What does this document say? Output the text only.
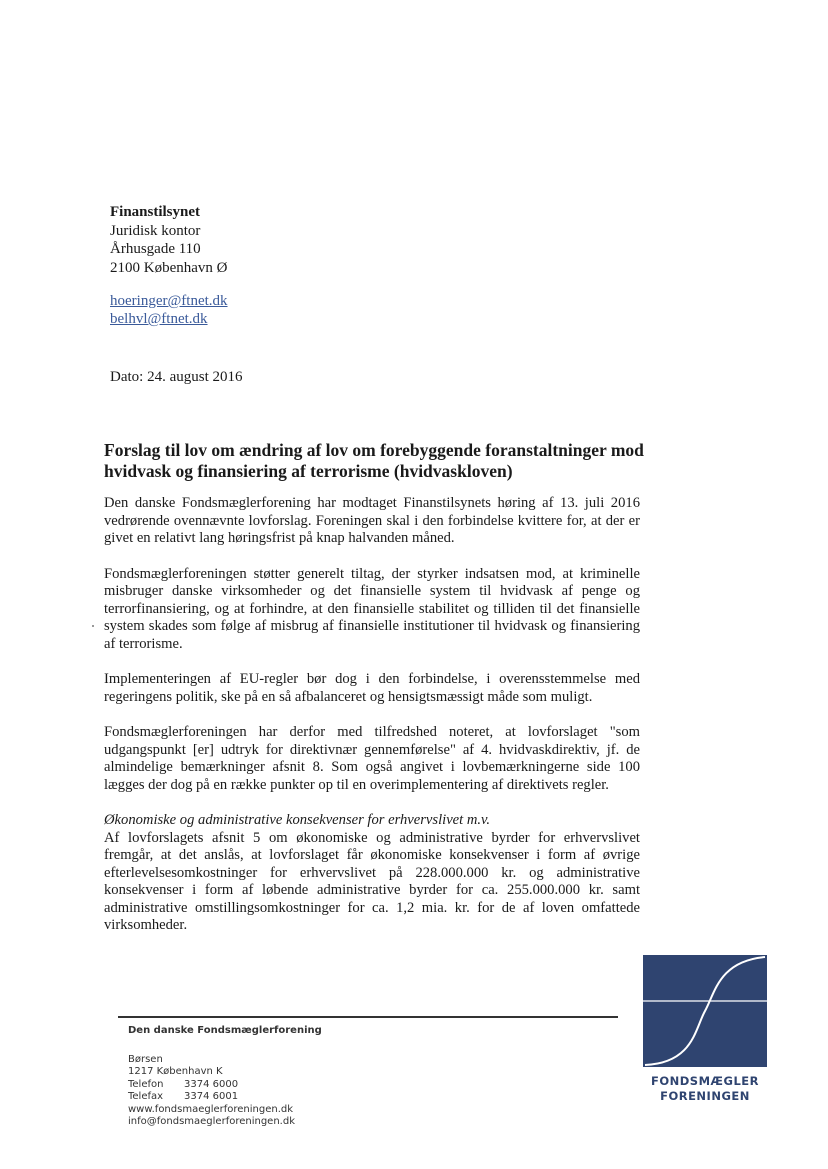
Finanstilsynet
Juridisk kontor
Århusgade 110
2100 København Ø
hoeringer@ftnet.dk
belhvl@ftnet.dk
Dato: 24. august 2016
Forslag til lov om ændring af lov om forebyggende foranstaltninger mod hvidvask og finansiering af terrorisme (hvidvaskloven)

Den danske Fondsmæglerforening har modtaget Finanstilsynets høring af 13. juli 2016 vedrørende ovennævnte lovforslag. Foreningen skal i den forbindelse kvittere for, at der er givet en relativt lang høringsfrist på knap halvanden måned.

Fondsmæglerforeningen støtter generelt tiltag, der styrker indsatsen mod, at kriminelle misbruger danske virksomheder og det finansielle system til hvidvask af penge og terrorfinansiering, og at forhindre, at den finansielle stabilitet og tilliden til det finansielle system skades som følge af misbrug af finansielle institutioner til hvidvask og finansiering af terrorisme.

Implementeringen af EU-regler bør dog i den forbindelse, i overensstemmelse med regeringens politik, ske på en så afbalanceret og hensigtsmæssigt måde som muligt.

Fondsmæglerforeningen har derfor med tilfredshed noteret, at lovforslaget "som udgangspunkt [er] udtryk for direktivnær gennemførelse" af 4. hvidvaskdirektiv, jf. de almindelige bemærkninger afsnit 8. Som også angivet i lovbemærkningerne side 100 lægges der dog på en række punkter op til en overimplementering af direktivets regler.

Økonomiske og administrative konsekvenser for erhvervslivet m.v.

Af lovforslagets afsnit 5 om økonomiske og administrative byrder for erhvervslivet fremgår, at det anslås, at lovforslaget får økonomiske konsekvenser i form af øvrige efterlevelsesomkostninger for erhvervslivet på 228.000.000 kr. og administrative konsekvenser i form af løbende administrative byrder for ca. 255.000.000 kr. samt administrative omstillingsomkostninger for ca. 1,2 mia. kr. for de af loven omfattede virksomheder.

Den danske Fondsmæglerforening
Børsen
1217 København K
Telefon 3374 6000
Telefax 3374 6001
www.fondsmaeglerforeningen.dk
info@fondsmaeglerforeningen.dk
FONDSMÆGLER
FORENINGEN
